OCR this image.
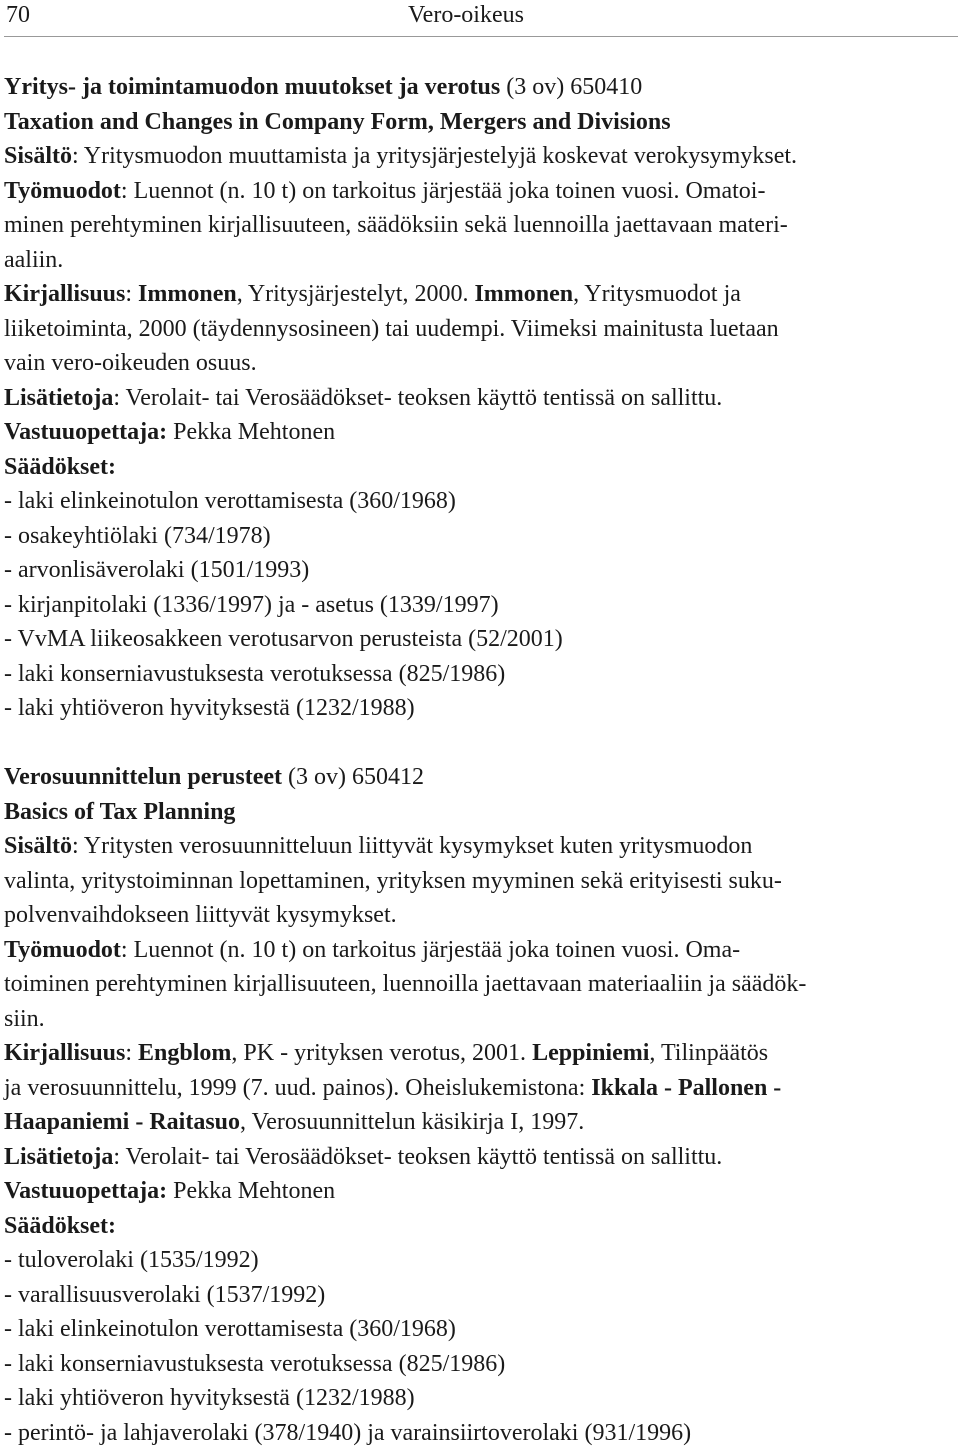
70	Vero-oikeus
Yritys- ja toimintamuodon muutokset ja verotus (3 ov) 650410
Taxation and Changes in Company Form, Mergers and Divisions
Sisältö: Yritysmuodon muuttamista ja yritysjärjestelyjä koskevat verokysymykset.
Työmuodot: Luennot (n. 10 t) on tarkoitus järjestää joka toinen vuosi. Omatoi-
minen perehtyminen kirjallisuuteen, säädöksiin sekä luennoilla jaettavaan materi-
aaliin.
Kirjallisuus: Immonen, Yritysjärjestelyt, 2000. Immonen, Yritysmuodot ja
liiketoiminta, 2000 (täydennysosineen) tai uudempi. Viimeksi mainitusta luetaan
vain vero-oikeuden osuus.
Lisätietoja: Verolait- tai Verosäädökset- teoksen käyttö tentissä on sallittu.
Vastuuopettaja: Pekka Mehtonen
Säädökset:
- laki elinkeinotulon verottamisesta (360/1968)
- osakeyhtiölaki (734/1978)
- arvonlisäverolaki (1501/1993)
- kirjanpitolaki (1336/1997) ja - asetus (1339/1997)
- VvMA liikeosakkeen verotusarvon perusteista (52/2001)
- laki konserniavustuksesta verotuksessa (825/1986)
- laki yhtiöveron hyvityksestä (1232/1988)
Verosuunnittelun perusteet (3 ov) 650412
Basics of Tax Planning
Sisältö: Yritysten verosuunnitteluun liittyvät kysymykset kuten yritysmuodon
valinta, yritystoiminnan lopettaminen, yrityksen myyminen sekä erityisesti suku-
polvenvaihdokseen liittyvät kysymykset.
Työmuodot: Luennot (n. 10 t) on tarkoitus järjestää joka toinen vuosi. Oma-
toiminen perehtyminen kirjallisuuteen, luennoilla jaettavaan materiaaliin ja säädök-
siin.
Kirjallisuus: Engblom, PK - yrityksen verotus, 2001. Leppiniemi, Tilinpäätös
ja verosuunnittelu, 1999 (7. uud. painos). Oheislukemistona: Ikkala - Pallonen -
Haapaniemi - Raitasuo, Verosuunnittelun käsikirja I, 1997.
Lisätietoja: Verolait- tai Verosäädökset- teoksen käyttö tentissä on sallittu.
Vastuuopettaja: Pekka Mehtonen
Säädökset:
- tuloverolaki (1535/1992)
- varallisuusverolaki (1537/1992)
- laki elinkeinotulon verottamisesta (360/1968)
- laki konserniavustuksesta verotuksessa (825/1986)
- laki yhtiöveron hyvityksestä (1232/1988)
- perintö- ja lahjaverolaki (378/1940) ja varainsiirtoverolaki (931/1996)
